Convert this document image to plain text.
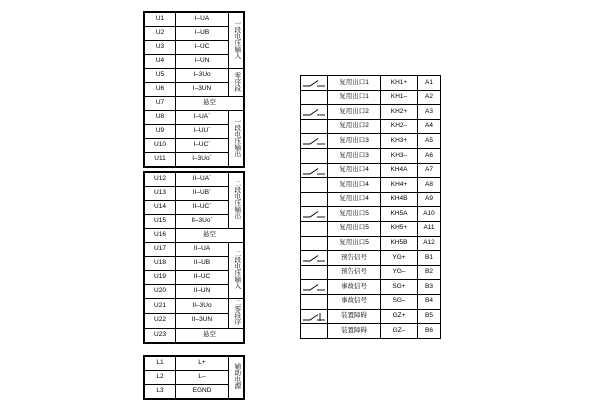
U1	I–UA	一段电压输入
U2	I–UB	
U3	I–UC	
U4	I–UN	
U5	I–3Uo	零序段
U6	I–3UN	
U7	悬空	
U8	I–UA´	一段电压输出
U9	I–UU´	
U10	I–UC´	
U11	I–3Uo´	
U12	II–UA´	二段电压输出
U13	II–UB´	
U14	II–UC´	
U15	II–3Uo´	
U16	悬空	
U17	II–UA	二段电压输入
U18	II–UB	
U19	II–UC	
U20	II–UN	
U21	II–3Uo	二零段序
U22	II–3UN	
U23	悬空	
L1	L+	辅助电源
L2	L–	
L3	EGND	
	复用出口1	KH1+	A1

	复用出口1	KH1–	A2

	复用出口2	KH2+	A3

	复用出口2	KH2–	A4

	复用出口3	KH3+	A5

	复用出口3	KH3–	A6

	复用出口4	KH4A	A7

	复用出口4	KH4+	A8

	复用出口4	KH4B	A9

	复用出口5	KH5A	A10

	复用出口5	KH5+	A11

	复用出口5	KH5B	A12

	预告信号	YG+	B1

	预告信号	YG–	B2

	事故信号	SG+	B3

	事故信号	SG–	B4

	装置障碍	GZ+	B5

	装置障碍	GZ–	B6
